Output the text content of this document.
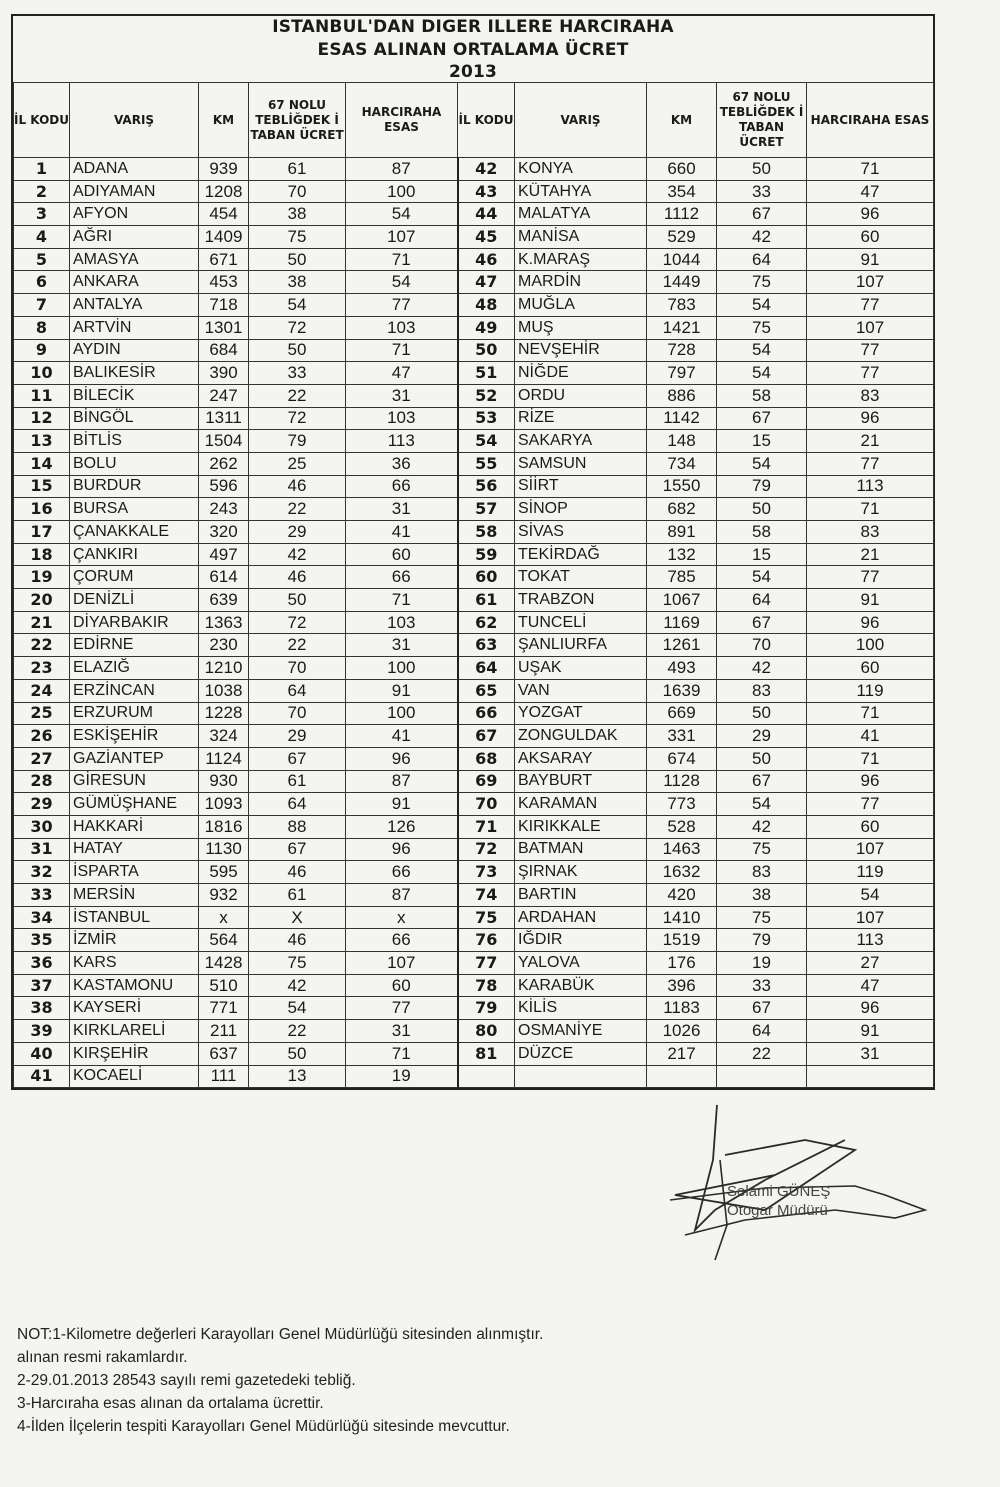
ISTANBUL'DAN DIGER ILLERE HARCIRAHA
ESAS ALINAN ORTALAMA ÜCRET
2013
İL KODU	VARIŞ	KM	67 NOLU TEBLİĞDEK İ TABAN ÜCRET	HARCIRAHA ESAS	İL KODU	VARIŞ	KM	67 NOLU TEBLİĞDEK İ TABAN ÜCRET	HARCIRAHA ESAS
1	ADANA	939	61	87	42	KONYA	660	50	71
2	ADIYAMAN	1208	70	100	43	KÜTAHYA	354	33	47
3	AFYON	454	38	54	44	MALATYA	1112	67	96
4	AĞRI	1409	75	107	45	MANİSA	529	42	60
5	AMASYA	671	50	71	46	K.MARAŞ	1044	64	91
6	ANKARA	453	38	54	47	MARDİN	1449	75	107
7	ANTALYA	718	54	77	48	MUĞLA	783	54	77
8	ARTVİN	1301	72	103	49	MUŞ	1421	75	107
9	AYDIN	684	50	71	50	NEVŞEHİR	728	54	77
10	BALIKESİR	390	33	47	51	NİĞDE	797	54	77
11	BİLECİK	247	22	31	52	ORDU	886	58	83
12	BİNGÖL	1311	72	103	53	RİZE	1142	67	96
13	BİTLİS	1504	79	113	54	SAKARYA	148	15	21
14	BOLU	262	25	36	55	SAMSUN	734	54	77
15	BURDUR	596	46	66	56	SİİRT	1550	79	113
16	BURSA	243	22	31	57	SİNOP	682	50	71
17	ÇANAKKALE	320	29	41	58	SİVAS	891	58	83
18	ÇANKIRI	497	42	60	59	TEKİRDAĞ	132	15	21
19	ÇORUM	614	46	66	60	TOKAT	785	54	77
20	DENİZLİ	639	50	71	61	TRABZON	1067	64	91
21	DİYARBAKIR	1363	72	103	62	TUNCELİ	1169	67	96
22	EDİRNE	230	22	31	63	ŞANLIURFA	1261	70	100
23	ELAZIĞ	1210	70	100	64	UŞAK	493	42	60
24	ERZİNCAN	1038	64	91	65	VAN	1639	83	119
25	ERZURUM	1228	70	100	66	YOZGAT	669	50	71
26	ESKİŞEHİR	324	29	41	67	ZONGULDAK	331	29	41
27	GAZİANTEP	1124	67	96	68	AKSARAY	674	50	71
28	GİRESUN	930	61	87	69	BAYBURT	1128	67	96
29	GÜMÜŞHANE	1093	64	91	70	KARAMAN	773	54	77
30	HAKKARİ	1816	88	126	71	KIRIKKALE	528	42	60
31	HATAY	1130	67	96	72	BATMAN	1463	75	107
32	İSPARTA	595	46	66	73	ŞIRNAK	1632	83	119
33	MERSİN	932	61	87	74	BARTIN	420	38	54
34	İSTANBUL	x	X	x	75	ARDAHAN	1410	75	107
35	İZMİR	564	46	66	76	IĞDIR	1519	79	113
36	KARS	1428	75	107	77	YALOVA	176	19	27
37	KASTAMONU	510	42	60	78	KARABÜK	396	33	47
38	KAYSERİ	771	54	77	79	KİLİS	1183	67	96
39	KIRKLARELİ	211	22	31	80	OSMANİYE	1026	64	91
40	KIRŞEHİR	637	50	71	81	DÜZCE	217	22	31
41	KOCAELİ	111	13	19					
Selami GÜNEŞ
Otogar Müdürü
NOT:1-Kilometre değerleri Karayolları Genel Müdürlüğü sitesinden alınmıştır.
alınan resmi rakamlardır.
2-29.01.2013 28543 sayılı remi gazetedeki tebliğ.
3-Harcıraha esas alınan da ortalama ücrettir.
4-İlden İlçelerin tespiti Karayolları Genel Müdürlüğü sitesinde mevcuttur.
